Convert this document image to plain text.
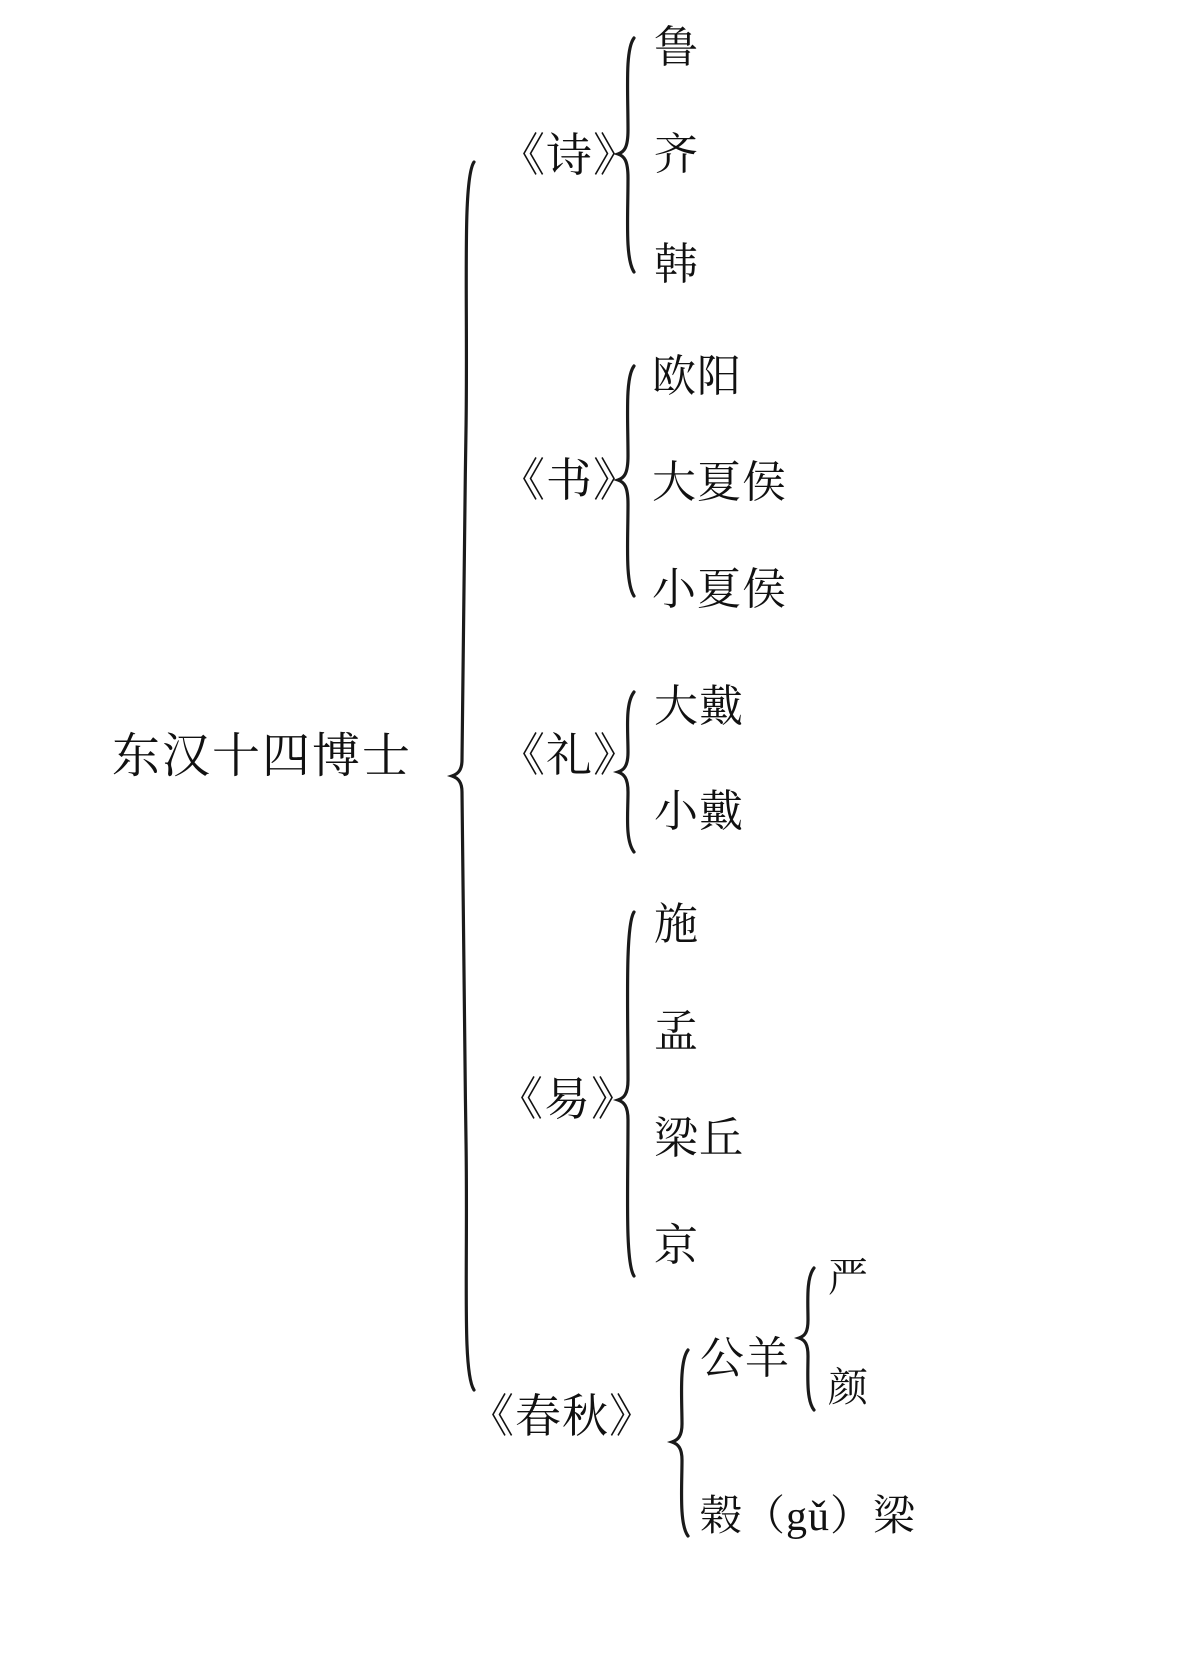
东汉十四博士
《诗》
鲁
齐
韩
《书》
欧阳
大夏侯
小夏侯
《礼》
大戴
小戴
《易》
施
孟
梁丘
京
《春秋》
公羊
严
颜
榖（gǔ）梁
